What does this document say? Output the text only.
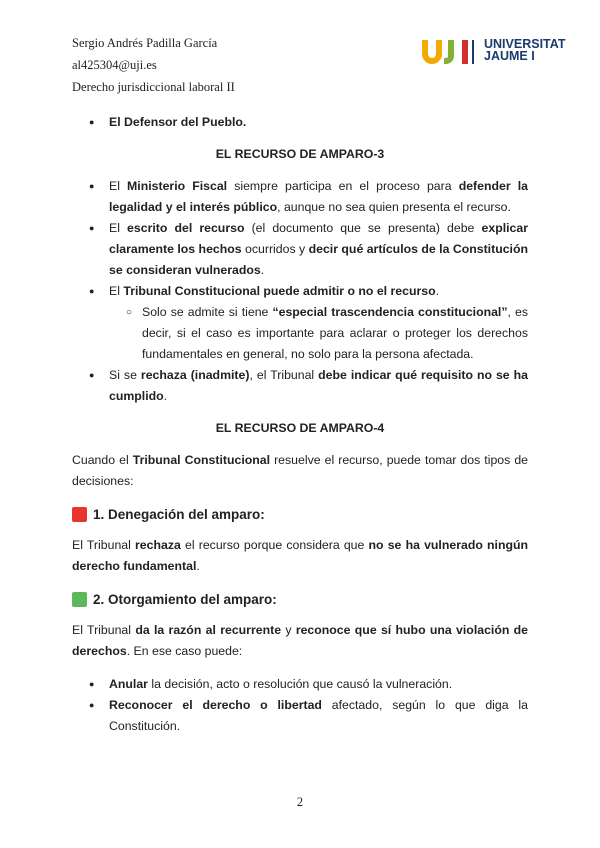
Sergio Andrés Padilla García
al425304@uji.es
Derecho jurisdiccional laboral II
UNIVERSITAT
JAUME I
● El Defensor del Pueblo.

EL RECURSO DE AMPARO-3

● El Ministerio Fiscal siempre participa en el proceso para defender la legalidad y el interés público, aunque no sea quien presenta el recurso.
● El escrito del recurso (el documento que se presenta) debe explicar claramente los hechos ocurridos y decir qué artículos de la Constitución se consideran vulnerados.
● El Tribunal Constitucional puede admitir o no el recurso.
○ Solo se admite si tiene “especial trascendencia constitucional”, es decir, si el caso es importante para aclarar o proteger los derechos fundamentales en general, no solo para la persona afectada.
● Si se rechaza (inadmite), el Tribunal debe indicar qué requisito no se ha cumplido.

EL RECURSO DE AMPARO-4

Cuando el Tribunal Constitucional resuelve el recurso, puede tomar dos tipos de decisiones:

1. Denegación del amparo:

El Tribunal rechaza el recurso porque considera que no se ha vulnerado ningún derecho fundamental.

2. Otorgamiento del amparo:

El Tribunal da la razón al recurrente y reconoce que sí hubo una violación de derechos. En ese caso puede:

● Anular la decisión, acto o resolución que causó la vulneración.
● Reconocer el derecho o libertad afectado, según lo que diga la Constitución.
2
